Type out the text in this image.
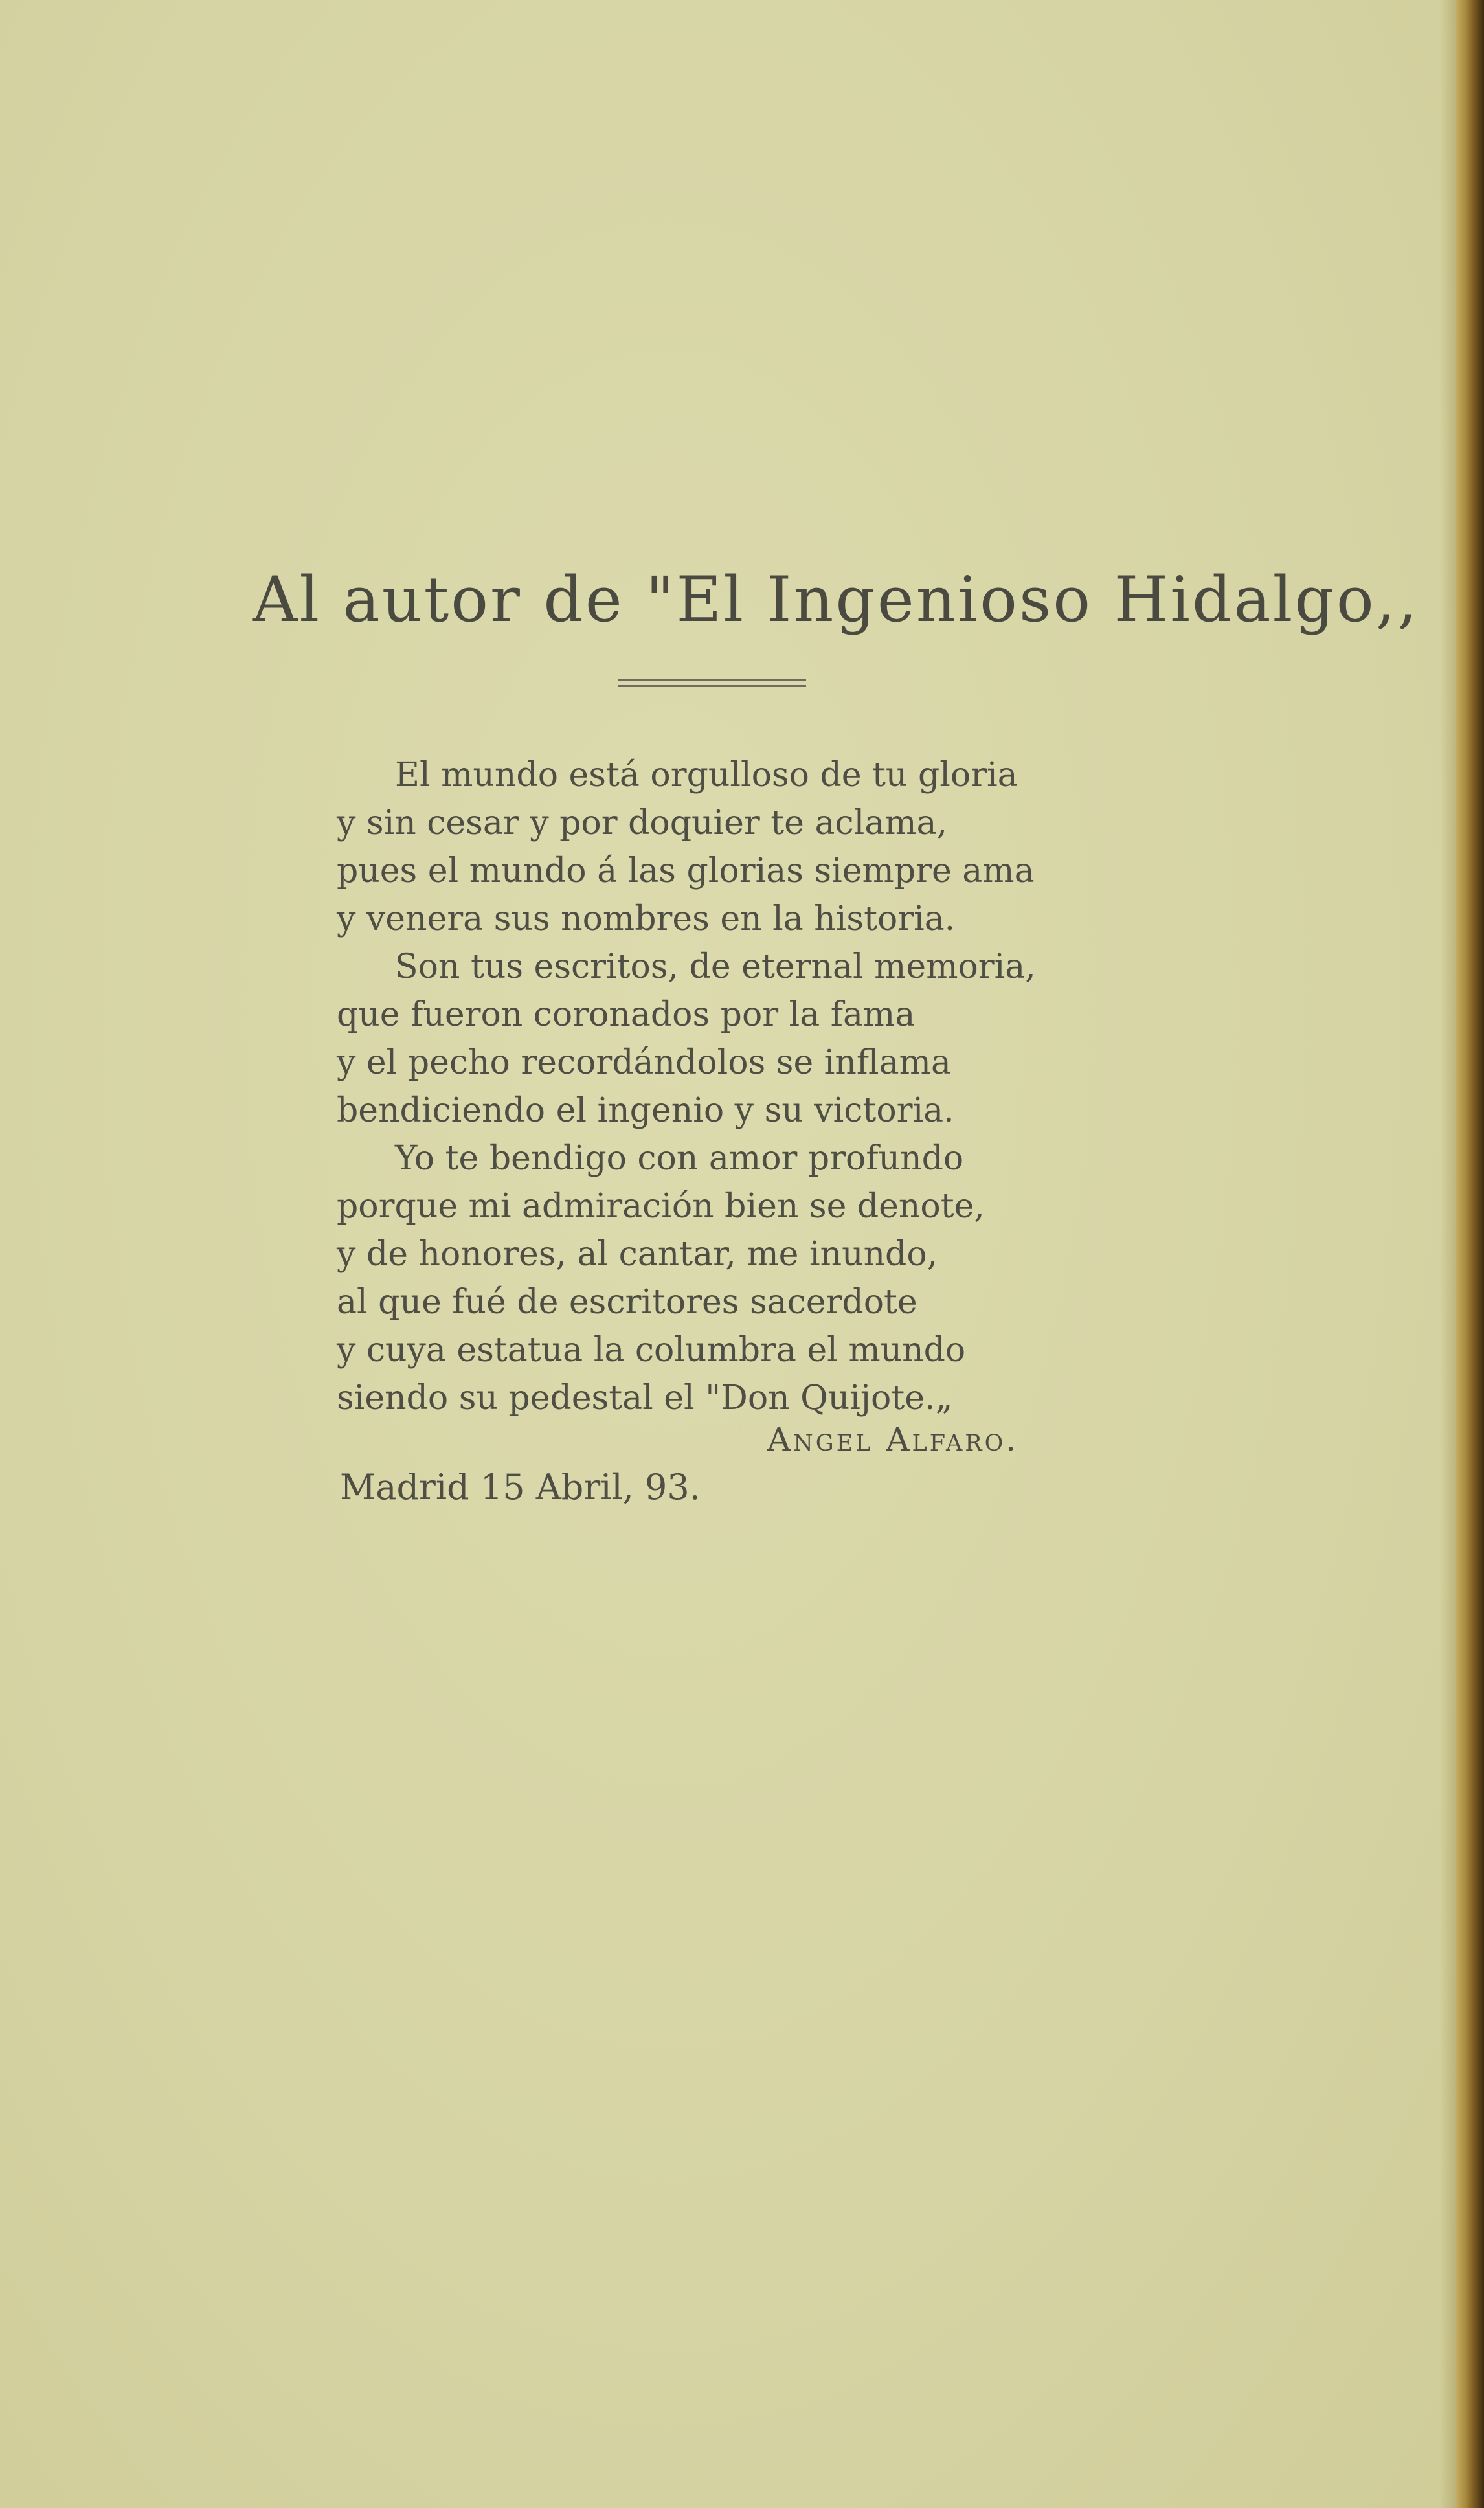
Al autor de "El Ingenioso Hidalgo,,
El mundo está orgulloso de tu gloria
y sin cesar y por doquier te aclama,
pues el mundo á las glorias siempre ama
y venera sus nombres en la historia.
Son tus escritos, de eternal memoria,
que fueron coronados por la fama
y el pecho recordándolos se inflama
bendiciendo el ingenio y su victoria.
Yo te bendigo con amor profundo
porque mi admiración bien se denote,
y de honores, al cantar, me inundo,
al que fué de escritores sacerdote
y cuya estatua la columbra el mundo
siendo su pedestal el "Don Quijote.„
Angel Alfaro.
Madrid 15 Abril, 93.
